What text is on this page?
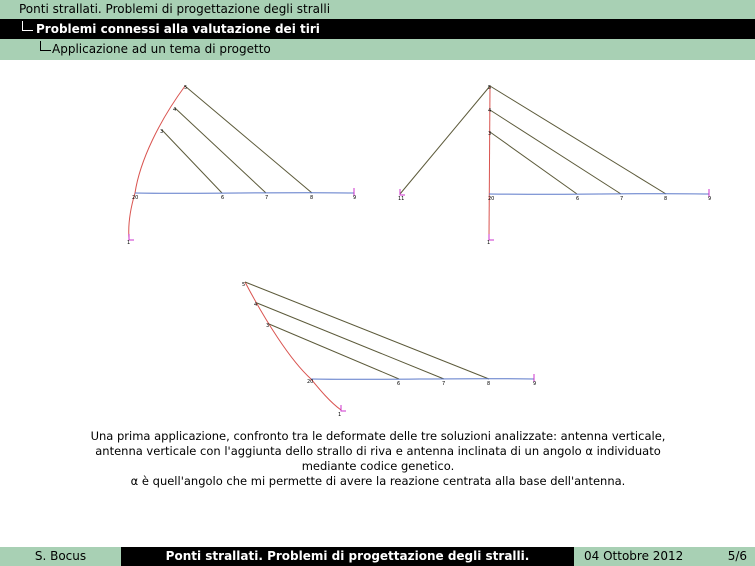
Ponti strallati. Problemi di progettazione degli stralli
Problemi connessi alla valutazione dei tiri
Applicazione ad un tema di progetto
5
4
3
20	6	7	8	9
1
5
4
3
20	6	7	8	9
11
1
5
4
3
20	6	7	8	9
1
Una prima applicazione, confronto tra le deformate delle tre soluzioni analizzate: antenna verticale,
antenna verticale con l'aggiunta dello strallo di riva e antenna inclinata di un angolo α individuato
mediante codice genetico.
α è quell'angolo che mi permette di avere la reazione centrata alla base dell'antenna.
S. Bocus	Ponti strallati. Problemi di progettazione degli stralli.	04 Ottobre 2012	5/6
